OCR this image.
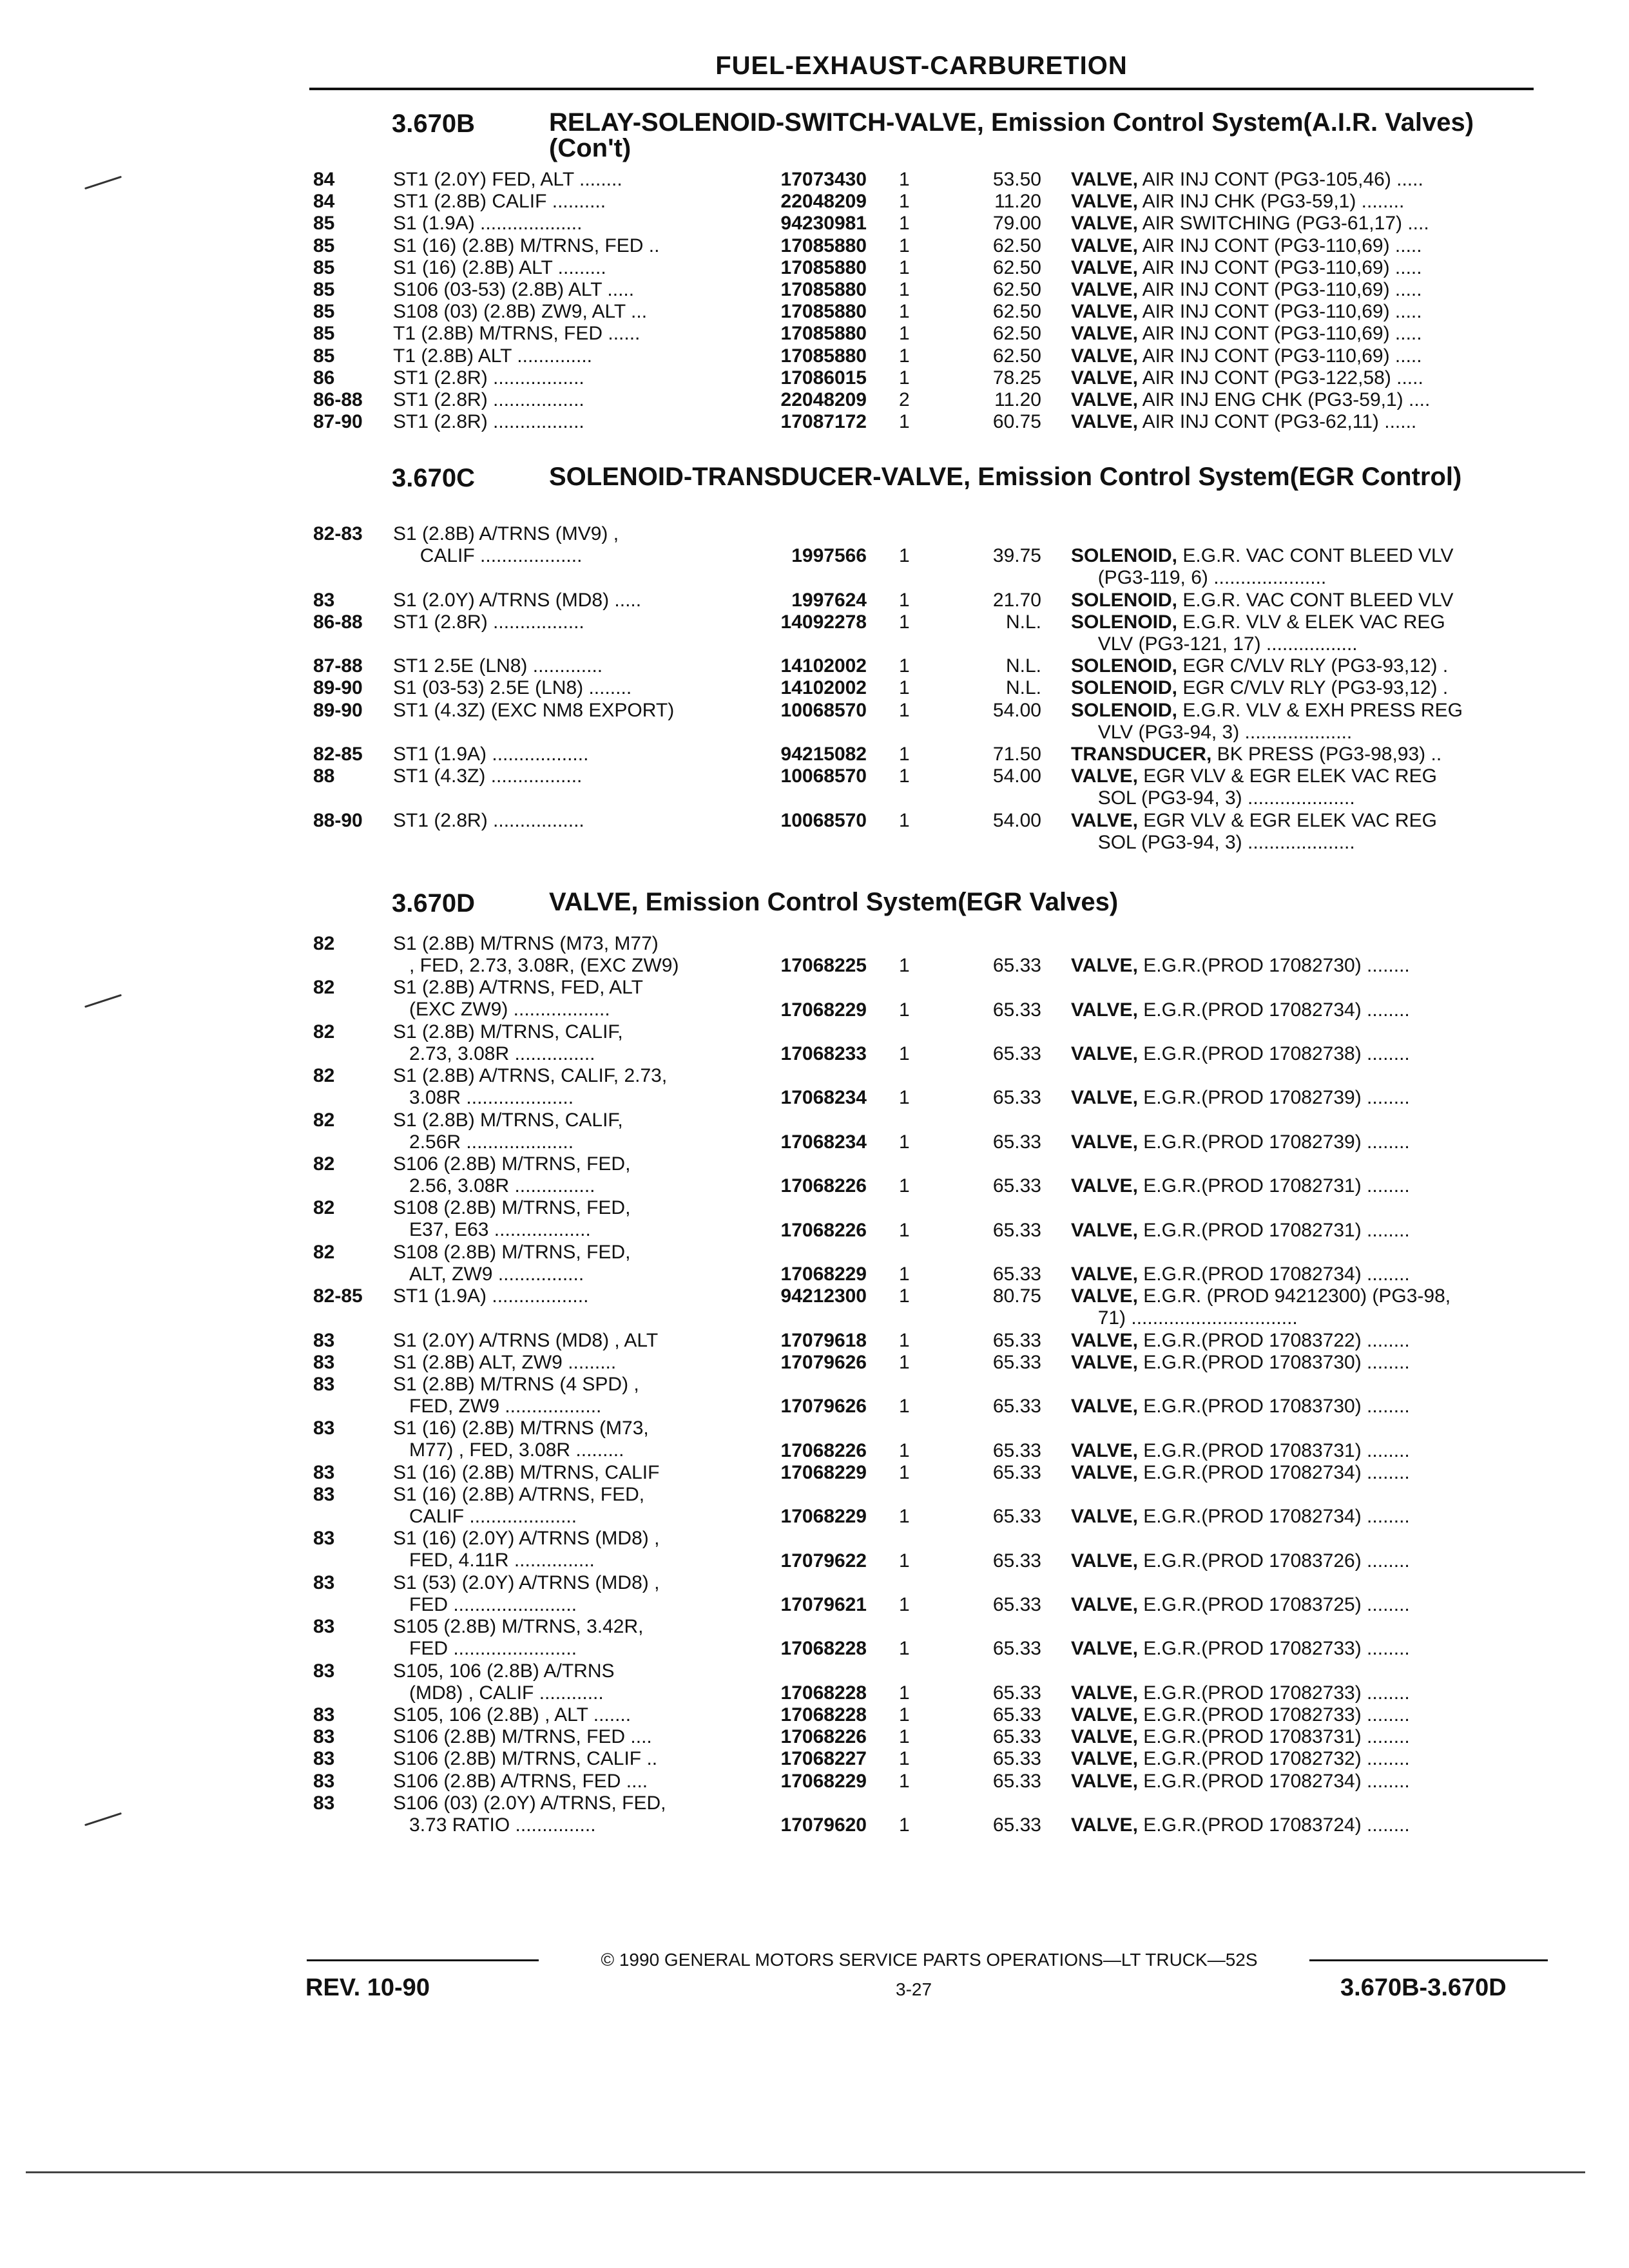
FUEL-EXHAUST-CARBURETION
3.670B	RELAY-SOLENOID-SWITCH-VALVE, Emission Control System(A.I.R. Valves) (Con't)
84	ST1 (2.0Y) FED, ALT ........	17073430 1	53.50 VALVE, AIR INJ CONT (PG3-105,46) .....
84	ST1 (2.8B) CALIF ..........	22048209 1	11.20 VALVE, AIR INJ CHK (PG3-59,1) ........
85	S1 (1.9A) ...................	94230981 1	79.00 VALVE, AIR SWITCHING (PG3-61,17) ....
85	S1 (16) (2.8B) M/TRNS, FED ..	17085880 1	62.50 VALVE, AIR INJ CONT (PG3-110,69) .....
85	S1 (16) (2.8B) ALT .........	17085880 1	62.50 VALVE, AIR INJ CONT (PG3-110,69) .....
85	S106 (03-53) (2.8B) ALT .....	17085880 1	62.50 VALVE, AIR INJ CONT (PG3-110,69) .....
85	S108 (03) (2.8B) ZW9, ALT ...	17085880 1	62.50 VALVE, AIR INJ CONT (PG3-110,69) .....
85	T1 (2.8B) M/TRNS, FED ......	17085880 1	62.50 VALVE, AIR INJ CONT (PG3-110,69) .....
85	T1 (2.8B) ALT ..............	17085880 1	62.50 VALVE, AIR INJ CONT (PG3-110,69) .....
86	ST1 (2.8R) .................	17086015 1	78.25 VALVE, AIR INJ CONT (PG3-122,58) .....
86-88 ST1 (2.8R) .................	22048209 2	11.20 VALVE, AIR INJ ENG CHK (PG3-59,1) ....
87-90 ST1 (2.8R) .................	17087172 1	60.75 VALVE, AIR INJ CONT (PG3-62,11) ......
3.670C	SOLENOID-TRANSDUCER-VALVE, Emission Control System(EGR Control)
82-83 S1 (2.8B) A/TRNS (MV9) ,
CALIF ...................	1997566 1	39.75 SOLENOID, E.G.R. VAC CONT BLEED VLV
(PG3-119, 6) .....................
83	S1 (2.0Y) A/TRNS (MD8) .....	1997624 1	21.70 SOLENOID, E.G.R. VAC CONT BLEED VLV
86-88 ST1 (2.8R) .................	14092278 1	N.L. SOLENOID, E.G.R. VLV & ELEK VAC REG
VLV (PG3-121, 17) .................
87-88 ST1 2.5E (LN8) .............	14102002 1	N.L. SOLENOID, EGR C/VLV RLY (PG3-93,12) .
89-90 S1 (03-53) 2.5E (LN8) ........	14102002 1	N.L. SOLENOID, EGR C/VLV RLY (PG3-93,12) .
89-90 ST1 (4.3Z) (EXC NM8 EXPORT)	10068570 1	54.00 SOLENOID, E.G.R. VLV & EXH PRESS REG
VLV (PG3-94, 3) ....................
82-85 ST1 (1.9A) ..................	94215082 1	71.50 TRANSDUCER, BK PRESS (PG3-98,93) ..
88	ST1 (4.3Z) .................	10068570 1	54.00 VALVE, EGR VLV & EGR ELEK VAC REG
SOL (PG3-94, 3) ....................
88-90 ST1 (2.8R) .................	10068570 1	54.00 VALVE, EGR VLV & EGR ELEK VAC REG
SOL (PG3-94, 3) ....................
3.670D	VALVE, Emission Control System(EGR Valves)
82	S1 (2.8B) M/TRNS (M73, M77)
, FED, 2.73, 3.08R, (EXC ZW9)	17068225 1	65.33 VALVE, E.G.R.(PROD 17082730) ........
82	S1 (2.8B) A/TRNS, FED, ALT
(EXC ZW9) ..................	17068229 1	65.33 VALVE, E.G.R.(PROD 17082734) ........
82	S1 (2.8B) M/TRNS, CALIF,
2.73, 3.08R ...............	17068233 1	65.33 VALVE, E.G.R.(PROD 17082738) ........
82	S1 (2.8B) A/TRNS, CALIF, 2.73,
3.08R ....................	17068234 1	65.33 VALVE, E.G.R.(PROD 17082739) ........
82	S1 (2.8B) M/TRNS, CALIF,
2.56R ....................	17068234 1	65.33 VALVE, E.G.R.(PROD 17082739) ........
82	S106 (2.8B) M/TRNS, FED,
2.56, 3.08R ...............	17068226 1	65.33 VALVE, E.G.R.(PROD 17082731) ........
82	S108 (2.8B) M/TRNS, FED,
E37, E63 ..................	17068226 1	65.33 VALVE, E.G.R.(PROD 17082731) ........
82	S108 (2.8B) M/TRNS, FED,
ALT, ZW9 ................	17068229 1	65.33 VALVE, E.G.R.(PROD 17082734) ........
82-85 ST1 (1.9A) ..................	94212300 1	80.75 VALVE, E.G.R. (PROD 94212300) (PG3-98,
71) ...............................
83	S1 (2.0Y) A/TRNS (MD8) , ALT	17079618 1	65.33 VALVE, E.G.R.(PROD 17083722) ........
83	S1 (2.8B) ALT, ZW9 .........	17079626 1	65.33 VALVE, E.G.R.(PROD 17083730) ........
83	S1 (2.8B) M/TRNS (4 SPD) ,
FED, ZW9 ..................	17079626 1	65.33 VALVE, E.G.R.(PROD 17083730) ........
83	S1 (16) (2.8B) M/TRNS (M73,
M77) , FED, 3.08R .........	17068226 1	65.33 VALVE, E.G.R.(PROD 17083731) ........
83	S1 (16) (2.8B) M/TRNS, CALIF	17068229 1	65.33 VALVE, E.G.R.(PROD 17082734) ........
83	S1 (16) (2.8B) A/TRNS, FED,
CALIF ....................	17068229 1	65.33 VALVE, E.G.R.(PROD 17082734) ........
83	S1 (16) (2.0Y) A/TRNS (MD8) ,
FED, 4.11R ...............	17079622 1	65.33 VALVE, E.G.R.(PROD 17083726) ........
83	S1 (53) (2.0Y) A/TRNS (MD8) ,
FED .......................	17079621 1	65.33 VALVE, E.G.R.(PROD 17083725) ........
83	S105 (2.8B) M/TRNS, 3.42R,
FED .......................	17068228 1	65.33 VALVE, E.G.R.(PROD 17082733) ........
83	S105, 106 (2.8B) A/TRNS
(MD8) , CALIF ............	17068228 1	65.33 VALVE, E.G.R.(PROD 17082733) ........
83	S105, 106 (2.8B) , ALT .......	17068228 1	65.33 VALVE, E.G.R.(PROD 17082733) ........
83	S106 (2.8B) M/TRNS, FED ....	17068226 1	65.33 VALVE, E.G.R.(PROD 17083731) ........
83	S106 (2.8B) M/TRNS, CALIF ..	17068227 1	65.33 VALVE, E.G.R.(PROD 17082732) ........
83	S106 (2.8B) A/TRNS, FED ....	17068229 1	65.33 VALVE, E.G.R.(PROD 17082734) ........
83	S106 (03) (2.0Y) A/TRNS, FED,
3.73 RATIO ...............	17079620 1	65.33 VALVE, E.G.R.(PROD 17083724) ........
© 1990 GENERAL MOTORS SERVICE PARTS OPERATIONS—LT TRUCK—52S
REV. 10-90	3-27	3.670B-3.670D
